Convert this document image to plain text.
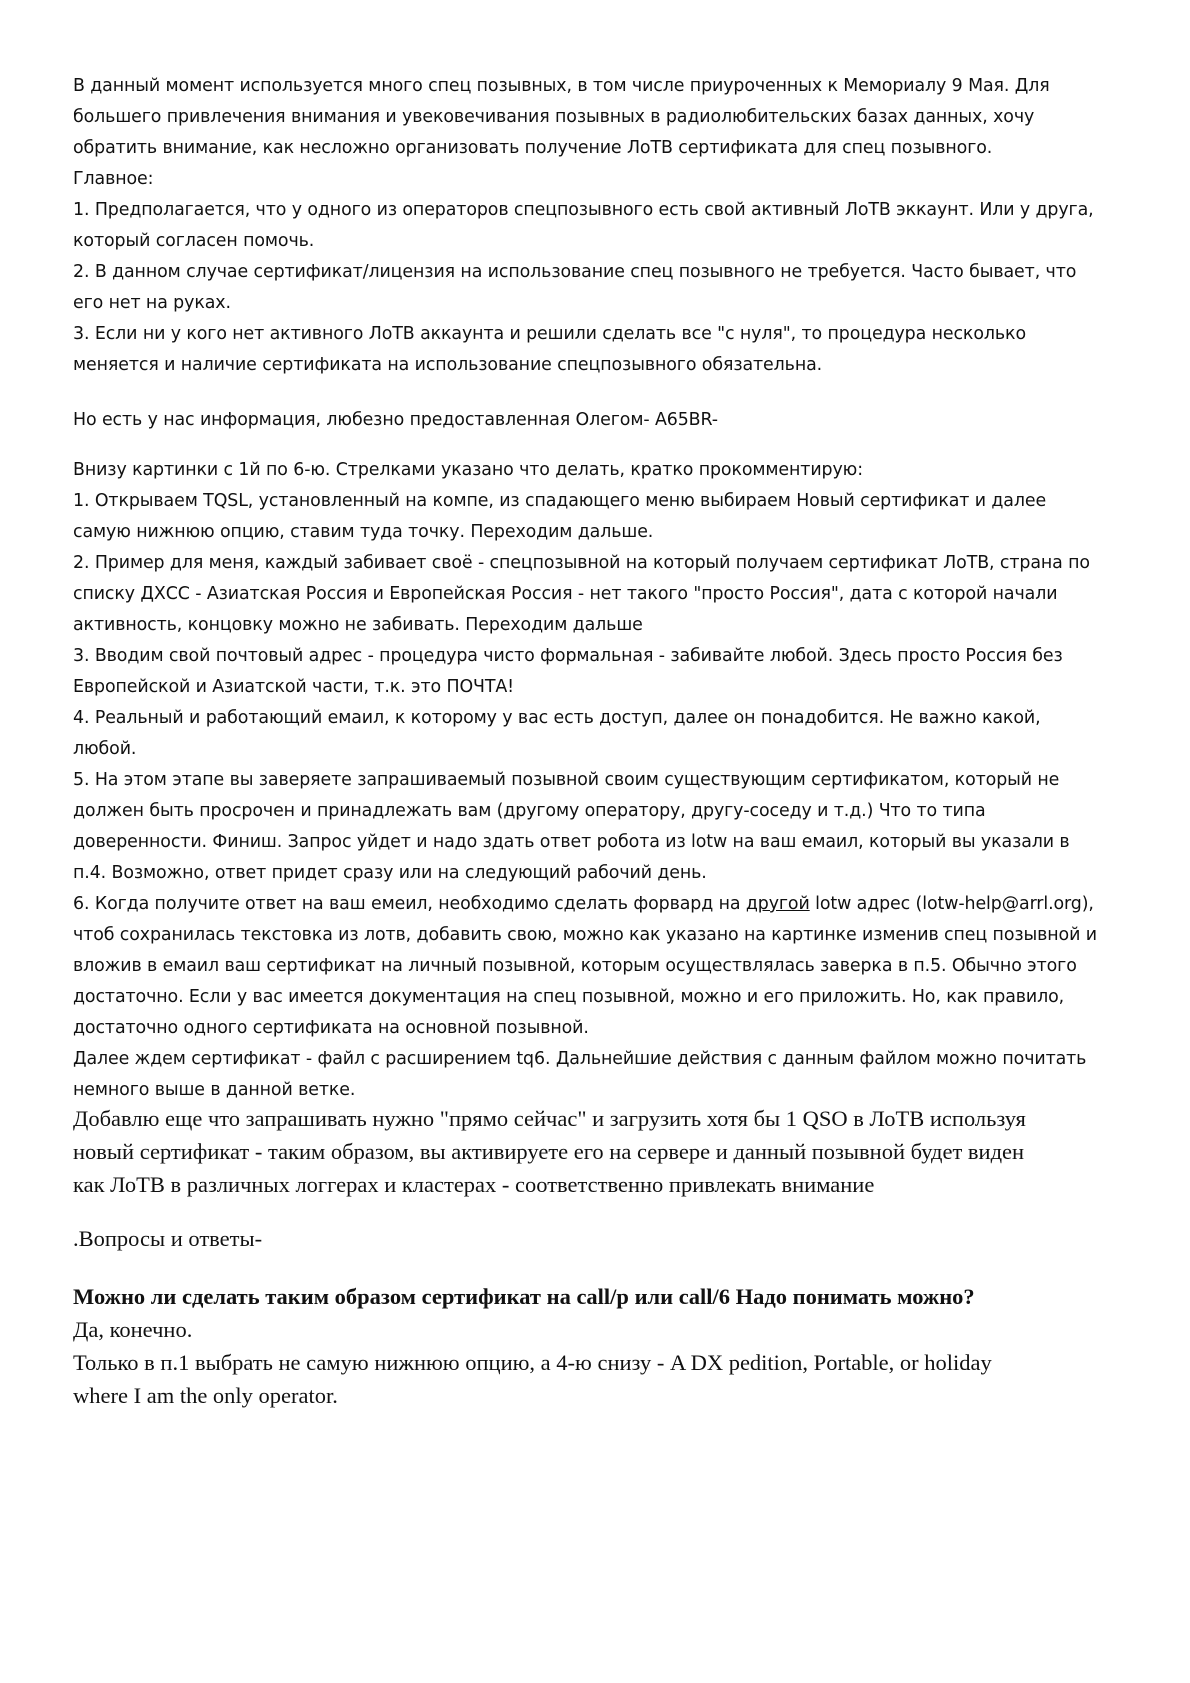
В данный момент используется много спец позывных, в том числе приуроченных к Мемориалу 9 Мая. Для

большего привлечения внимания и увековечивания позывных в радиолюбительских базах данных, хочу

обратить внимание, как несложно организовать получение ЛоТВ сертификата для спец позывного.

Главное:

1. Предполагается, что у одного из операторов спецпозывного есть свой активный ЛоТВ эккаунт. Или у друга,

который согласен помочь.

2. В данном случае сертификат/лицензия на использование спец позывного не требуется. Часто бывает, что

его нет на руках.

3. Если ни у кого нет активного ЛоТВ аккаунта и решили сделать все "с нуля", то процедура несколько

меняется и наличие сертификата на использование спецпозывного обязательна.

Но есть у нас информация, любезно предоставленная Олегом- A65BR-

Внизу картинки с 1й по 6-ю. Стрелками указано что делать, кратко прокомментирую:

1. Открываем TQSL, установленный на компе, из спадающего меню выбираем Новый сертификат и далее

самую нижнюю опцию, ставим туда точку. Переходим дальше.

2. Пример для меня, каждый забивает своё - спецпозывной на который получаем сертификат ЛоТВ, страна по

списку ДХСС - Азиатская Россия и Европейская Россия - нет такого "просто Россия", дата с которой начали

активность, концовку можно не забивать. Переходим дальше

3. Вводим свой почтовый адрес - процедура чисто формальная - забивайте любой. Здесь просто Россия без

Европейской и Азиатской части, т.к. это ПОЧТА!

4. Реальный и работающий емаил, к которому у вас есть доступ, далее он понадобится. Не важно какой,

любой.

5. На этом этапе вы заверяете запрашиваемый позывной своим существующим сертификатом, который не

должен быть просрочен и принадлежать вам (другому оператору, другу-соседу и т.д.) Что то типа

доверенности. Финиш. Запрос уйдет и надо здать ответ робота из lotw на ваш емаил, который вы указали в

п.4. Возможно, ответ придет сразу или на следующий рабочий день.

6. Когда получите ответ на ваш емеил, необходимо сделать форвард на другой lotw адрес (lotw-help@arrl.org),

чтоб сохранилась текстовка из лотв, добавить свою, можно как указано на картинке изменив спец позывной и

вложив в емаил ваш сертификат на личный позывной, которым осуществлялась заверка в п.5. Обычно этого

достаточно. Если у вас имеется документация на спец позывной, можно и его приложить. Но, как правило,

достаточно одного сертификата на основной позывной.

Далее ждем сертификат - файл с расширением tq6. Дальнейшие действия с данным файлом можно почитать

немного выше в данной ветке.

Добавлю еще что запрашивать нужно "прямо сейчас" и загрузить хотя бы 1 QSO в ЛоТВ используя

новый сертификат - таким образом, вы активируете его на сервере и данный позывной будет виден

как ЛоТВ в различных логгерах и кластерах - соответственно привлекать внимание

.Вопросы и ответы-

Можно ли сделать таким образом сертификат на call/p или call/6 Надо понимать можно?

Да, конечно.

Только в п.1 выбрать не самую нижнюю опцию, а 4-ю снизу - A DX pedition, Portable, or holiday

where I am the only operator.
